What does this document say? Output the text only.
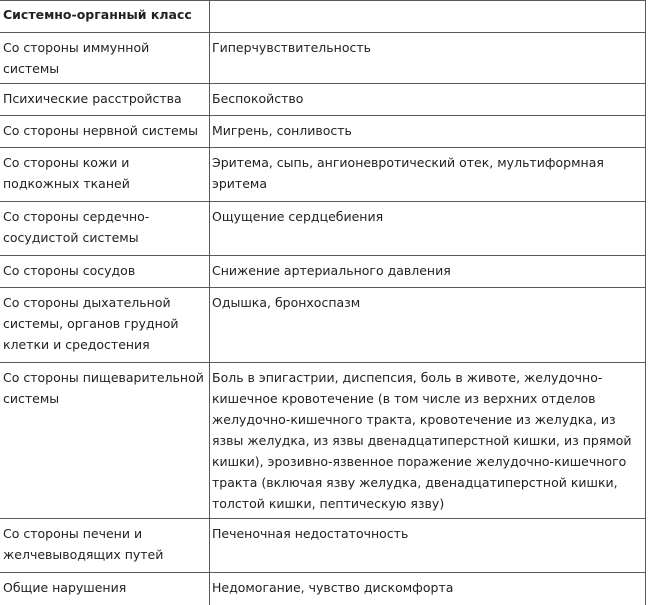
Системно-органный класс	
Со стороны иммунной системы	Гиперчувствительность
Психические расстройства	Беспокойство
Со стороны нервной системы	Мигрень, сонливость
Со стороны кожи и подкожных тканей	Эритема, сыпь, ангионевротический отек, мультиформная эритема
Со стороны сердечно-сосудистой системы	Ощущение сердцебиения
Со стороны сосудов	Снижение артериального давления
Со стороны дыхательной системы, органов грудной клетки и средостения	Одышка, бронхоспазм
Со стороны пищеварительной системы	Боль в эпигастрии, диспепсия, боль в животе, желудочно-кишечное кровотечение (в том числе из верхних отделов желудочно-кишечного тракта, кровотечение из желудка, из язвы желудка, из язвы двенадцатиперстной кишки, из прямой кишки), эрозивно-язвенное поражение желудочно-кишечного тракта (включая язву желудка, двенадцатиперстной кишки, толстой кишки, пептическую язву)
Со стороны печени и желчевыводящих путей	Печеночная недостаточность
Общие нарушения	Недомогание, чувство дискомфорта
